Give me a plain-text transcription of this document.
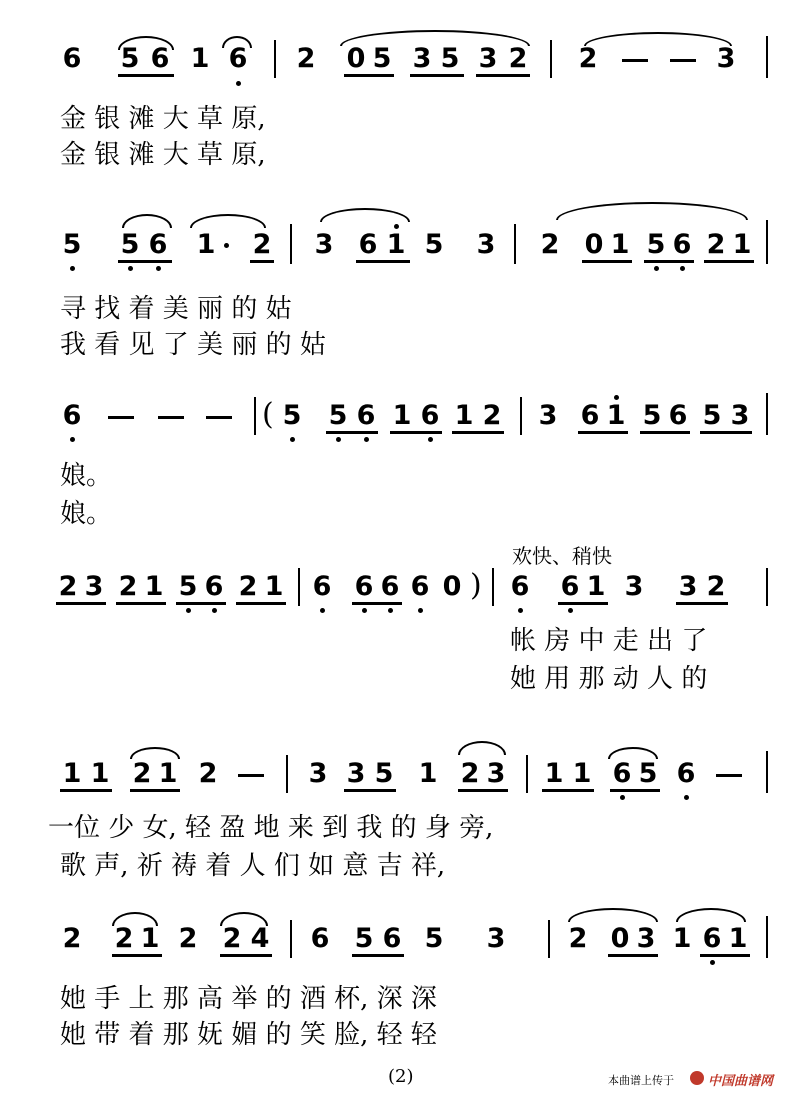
6 5 6 1 6 2 0 5 3 5 3 2 2	3
金 银 滩 大 草 原,
金 银 滩 大 草 原,
5 5 6 1 2 3 6 1 5 3 2 0 1 5 6 2 1
寻 找 着 美 丽 的 姑
我 看 见 了 美 丽 的 姑
6	( 5 5 6 1 6 1 2 3 6 1 5 6 5 3
娘。
娘。
欢快、稍快
2 3 2 1 5 6 2 1 6 6 6 6 0 ) 6 6 1 3 3 2
帐 房 中 走 出 了
她 用 那 动 人 的
1 1 2 1 2	3 3 5 1 2 3 1 1 6 5 6
一位 少 女, 轻 盈 地 来 到 我 的 身 旁,
歌 声, 祈 祷 着 人 们 如 意 吉 祥,
2 2 1 2 2 4 6 5 6 5 3 2 0 3 1 6 1
她 手 上 那 高 举 的 酒 杯, 深 深
她 带 着 那 妩 媚 的 笑 脸, 轻 轻
(2)	本曲谱上传于	中国曲谱网
